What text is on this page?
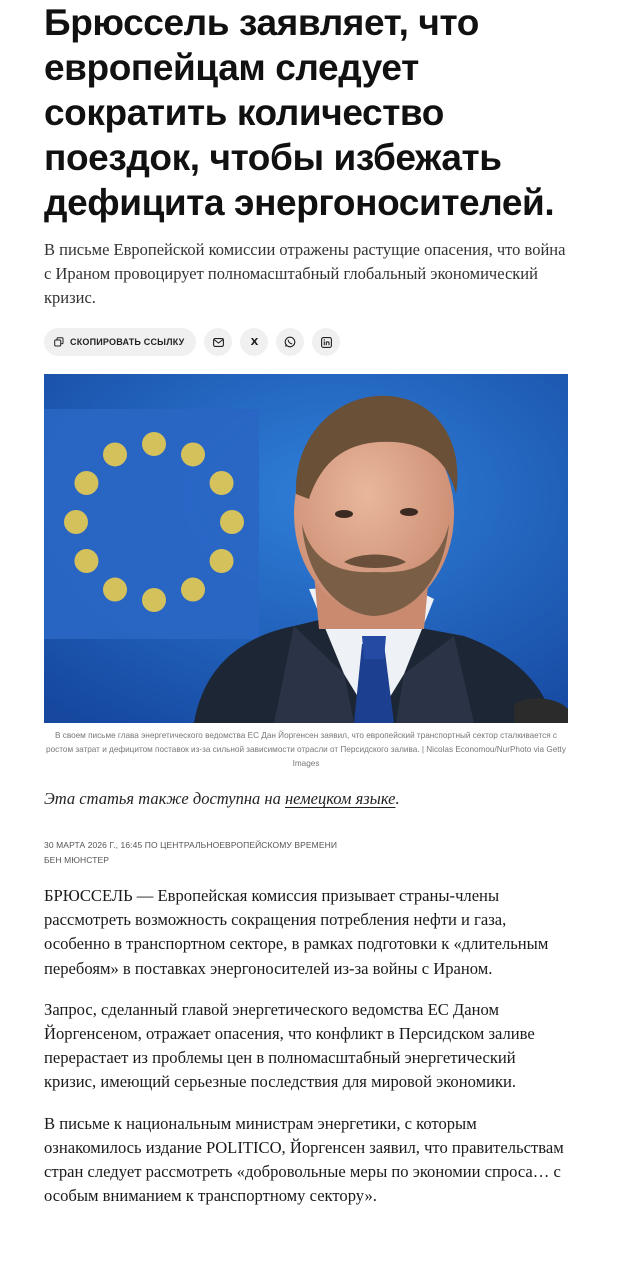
Брюссель заявляет, что европейцам следует сократить количество поездок, чтобы избежать дефицита энергоносителей.

В письме Европейской комиссии отражены растущие опасения, что война с Ираном провоцирует полномасштабный глобальный экономический кризис.

СКОПИРОВАТЬ ССЫЛКУ	X
В своем письме глава энергетического ведомства ЕС Дан Йоргенсен заявил, что европейский транспортный сектор сталкивается с ростом затрат и дефицитом поставок из-за сильной зависимости отрасли от Персидского залива. | Nicolas Economou/NurPhoto via Getty Images
Эта статья также доступна на немецком языке.
30 МАРТА 2026 Г., 16:45 ПО ЦЕНТРАЛЬНОЕВРОПЕЙСКОМУ ВРЕМЕНИ
БЕН МЮНСТЕР

БРЮССЕЛЬ — Европейская комиссия призывает страны-члены рассмотреть возможность сокращения потребления нефти и газа, особенно в транспортном секторе, в рамках подготовки к «длительным перебоям» в поставках энергоносителей из-за войны с Ираном.

Запрос, сделанный главой энергетического ведомства ЕС Даном Йоргенсеном, отражает опасения, что конфликт в Персидском заливе перерастает из проблемы цен в полномасштабный энергетический кризис, имеющий серьезные последствия для мировой экономики.

В письме к национальным министрам энергетики, с которым ознакомилось издание POLITICO, Йоргенсен заявил, что правительствам стран следует рассмотреть «добровольные меры по экономии спроса… с особым вниманием к транспортному сектору».
